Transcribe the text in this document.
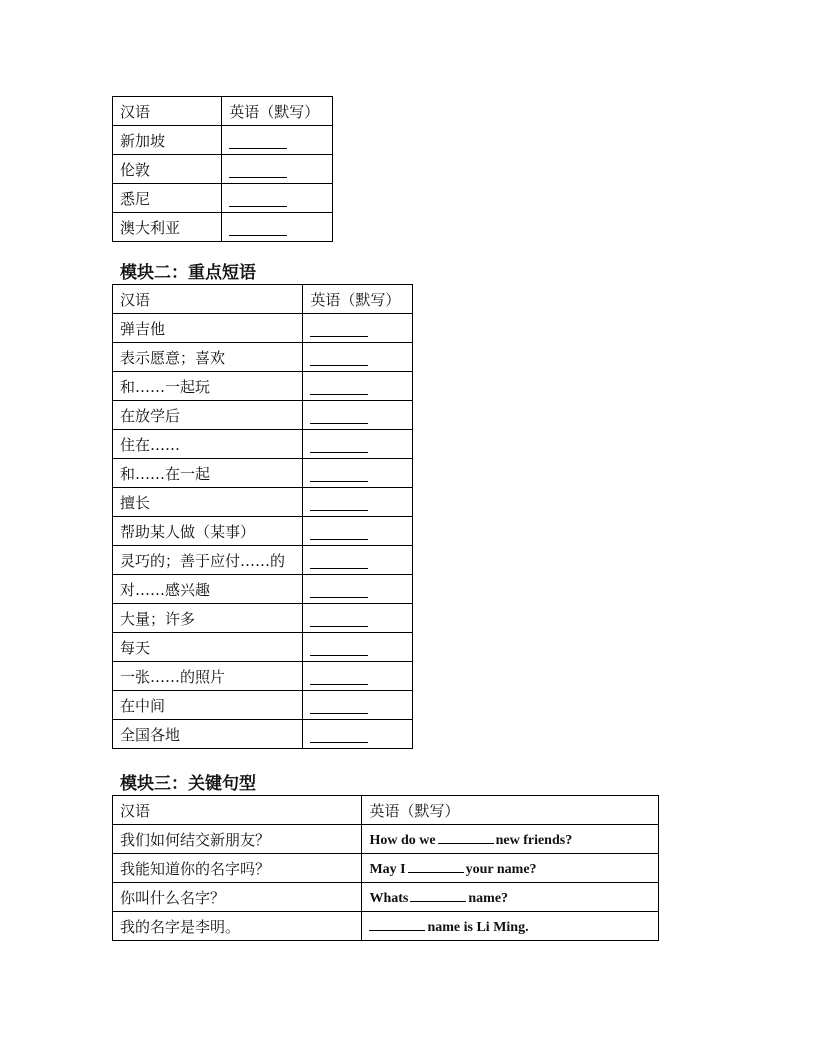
汉语	英语（默写）
新加坡	
伦敦	
悉尼	
澳大利亚	
模块二：重点短语
汉语	英语（默写）
弹吉他	
表示愿意；喜欢	
和……一起玩	
在放学后	
住在……	
和……在一起	
擅长	
帮助某人做（某事）	
灵巧的；善于应付……的	
对……感兴趣	
大量；许多	
每天	
一张……的照片	
在中间	
全国各地	
模块三：关键句型
汉语	英语（默写）
我们如何结交新朋友？	How do we new friends?
我能知道你的名字吗？	May I your name?
你叫什么名字？	Whats name?
我的名字是李明。	name is Li Ming.
